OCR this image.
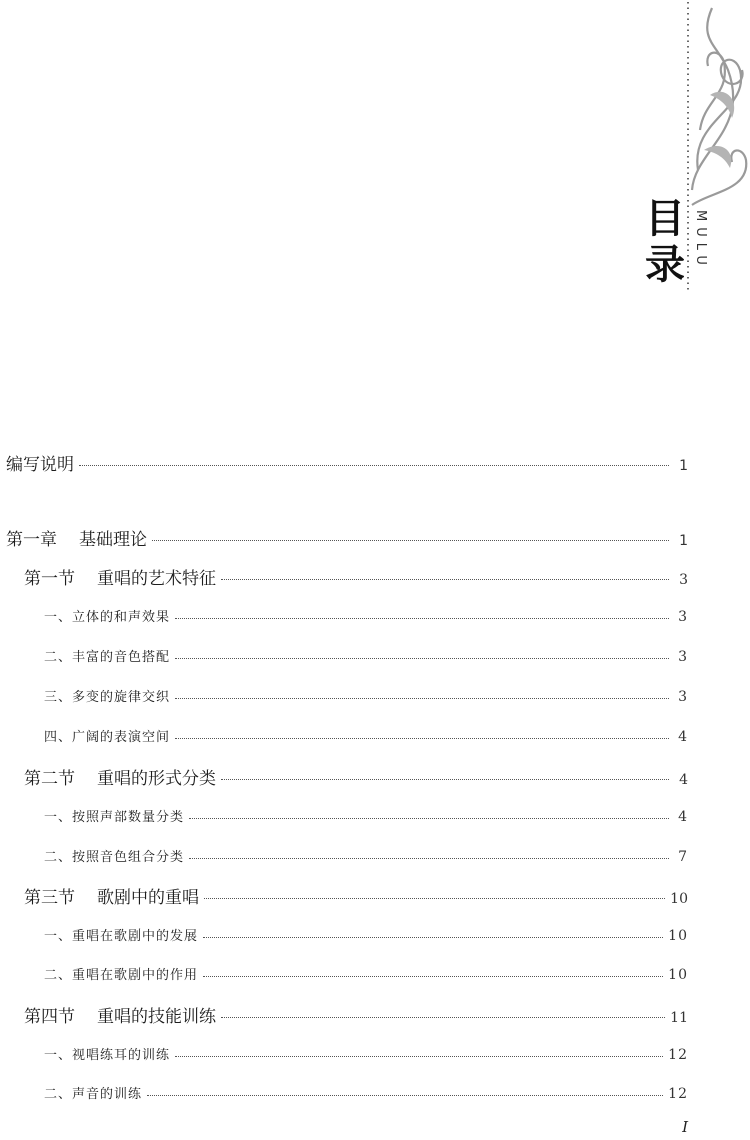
目
录 MULU
编写说明	1
第一章 基础理论	1
第一节 重唱的艺术特征	3
一、立体的和声效果	3
二、丰富的音色搭配	3
三、多变的旋律交织	3
四、广阔的表演空间	4
第二节 重唱的形式分类	4
一、按照声部数量分类	4
二、按照音色组合分类	7
第三节 歌剧中的重唱	10
一、重唱在歌剧中的发展	10
二、重唱在歌剧中的作用	10
第四节 重唱的技能训练	11
一、视唱练耳的训练	12
二、声音的训练	12
I
